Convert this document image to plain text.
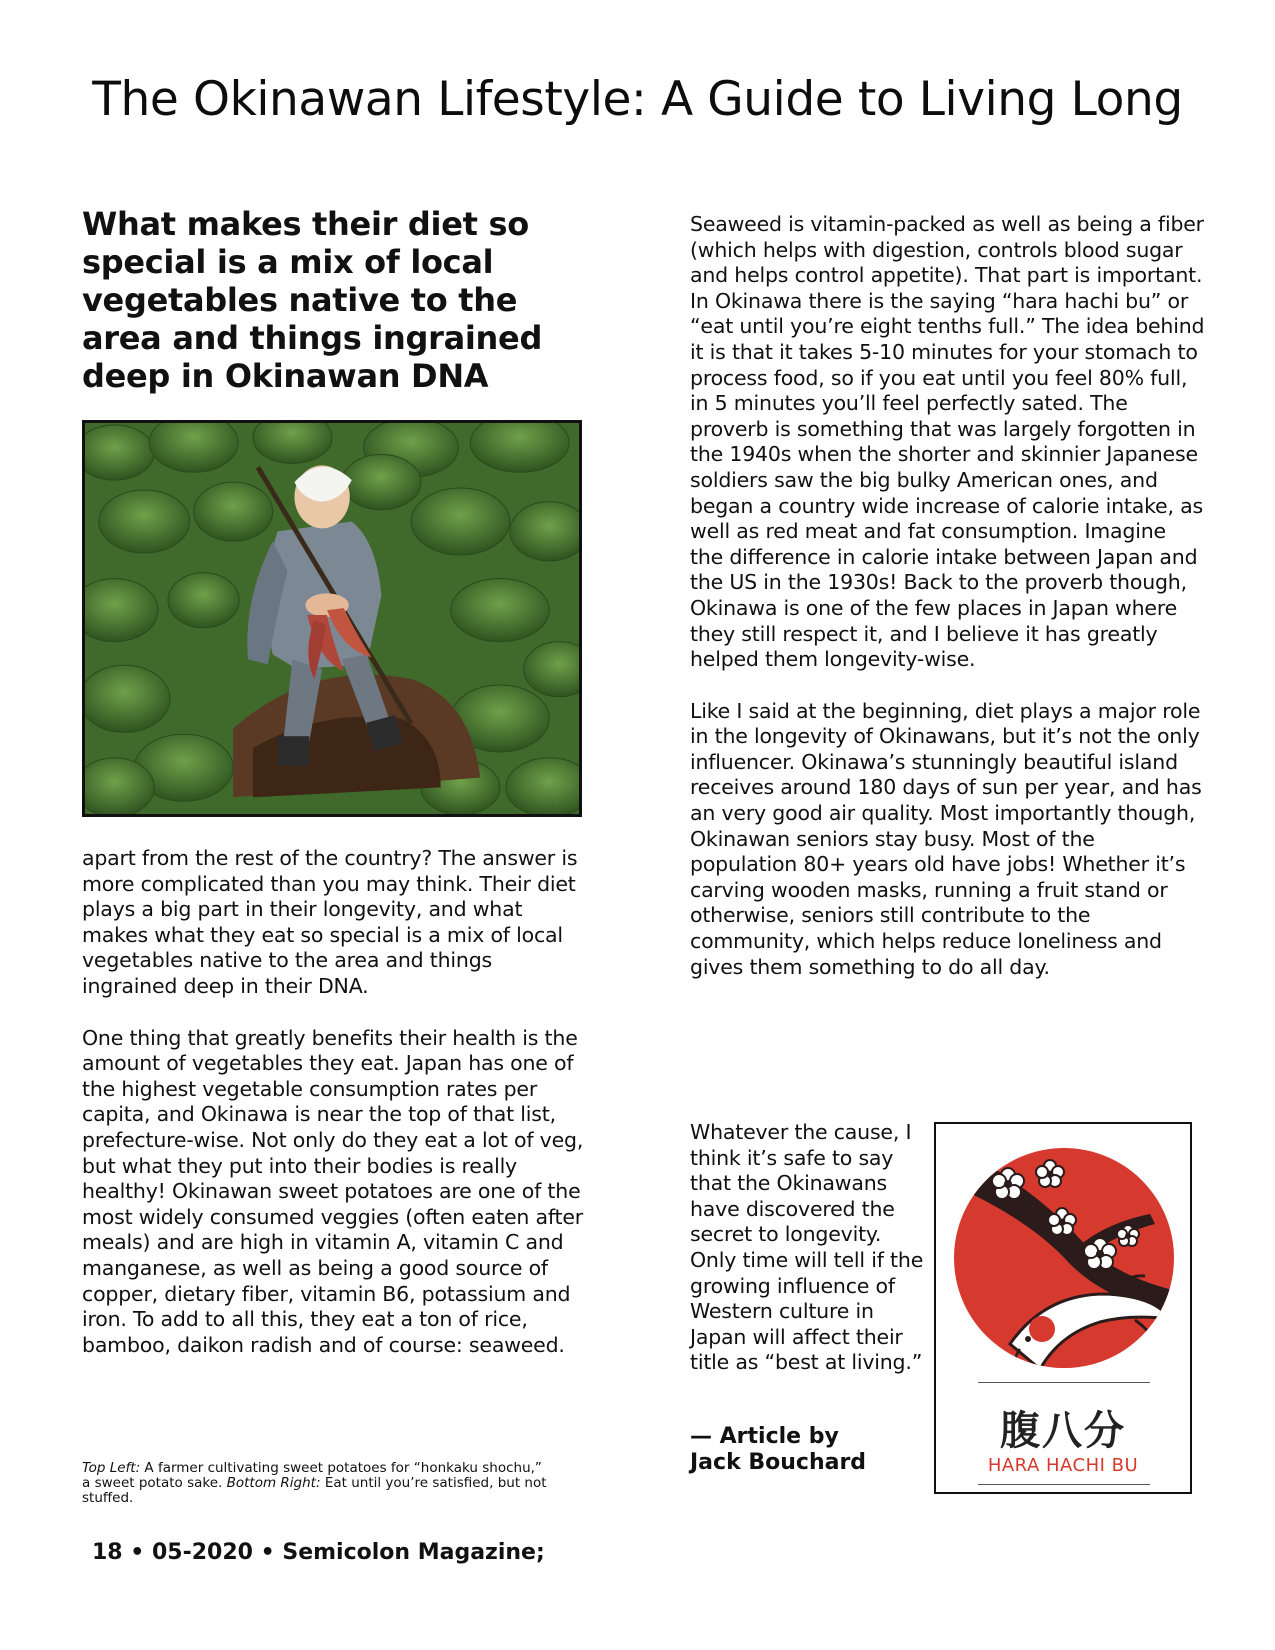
The Okinawan Lifestyle: A Guide to Living Long

What makes their diet so special is a mix of local vegetables native to the area and things ingrained deep in Okinawan DNA

apart from the rest of the country? The answer is more complicated than you may think. Their diet plays a big part in their longevity, and what makes what they eat so special is a mix of local vegetables native to the area and things ingrained deep in their DNA.

One thing that greatly benefits their health is the amount of vegetables they eat. Japan has one of the highest vegetable consumption rates per capita, and Okinawa is near the top of that list, prefecture-wise. Not only do they eat a lot of veg, but what they put into their bodies is really healthy! Okinawan sweet potatoes are one of the most widely consumed veggies (often eaten after meals) and are high in vitamin A, vitamin C and manganese, as well as being a good source of copper, dietary fiber, vitamin B6, potassium and iron. To add to all this, they eat a ton of rice, bamboo, daikon radish and of course: seaweed.

Top Left: A farmer cultivating sweet potatoes for “honkaku shochu,” a sweet potato sake. Bottom Right: Eat until you’re satisfied, but not stuffed.
18 • 05-2020 • Semicolon Magazine;

Seaweed is vitamin-packed as well as being a fiber (which helps with digestion, controls blood sugar and helps control appetite). That part is important. In Okinawa there is the saying “hara hachi bu” or “eat until you’re eight tenths full.” The idea behind it is that it takes 5-10 minutes for your stomach to process food, so if you eat until you feel 80% full, in 5 minutes you’ll feel perfectly sated. The proverb is something that was largely forgotten in the 1940s when the shorter and skinnier Japanese soldiers saw the big bulky American ones, and began a country wide increase of calorie intake, as well as red meat and fat consumption. Imagine the difference in calorie intake between Japan and the US in the 1930s! Back to the proverb though, Okinawa is one of the few places in Japan where they still respect it, and I believe it has greatly helped them longevity-wise.

Like I said at the beginning, diet plays a major role in the longevity of Okinawans, but it’s not the only influencer. Okinawa’s stunningly beautiful island receives around 180 days of sun per year, and has an very good air quality. Most importantly though, Okinawan seniors stay busy. Most of the population 80+ years old have jobs! Whether it’s carving wooden masks, running a fruit stand or otherwise, seniors still contribute to the community, which helps reduce loneliness and gives them something to do all day.

Whatever the cause, I think it’s safe to say that the Okinawans have discovered the secret to longevity. Only time will tell if the growing influence of Western culture in Japan will affect their title as “best at living.”

— Article by
Jack Bouchard
腹八分
HARA HACHI BU
